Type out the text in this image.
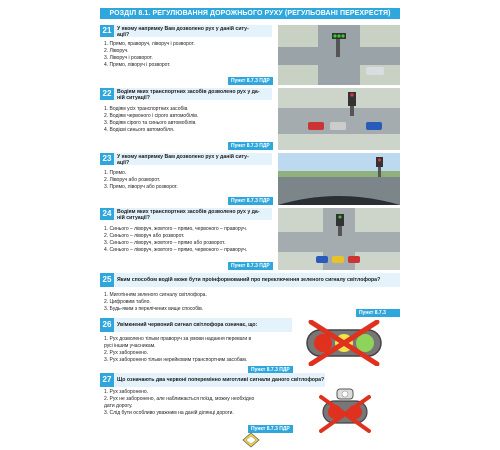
РОЗДІЛ 8.1. РЕГУЛЮВАННЯ ДОРОЖНЬОГО РУХУ (РЕГУЛЬОВАНІ ПЕРЕХРЕСТЯ)
21	У якому напрямку Вам дозволено рух у даній ситу-
ації?
1. Прямо, праворуч, ліворуч і розворот.
2. Ліворуч.
3. Ліворуч і розворот.
4. Прямо, ліворуч і розворот.
Пункт 8.7.3 ПДР
22	Водіям яких транспортних засобів дозволено рух у да-
ній ситуації?
1. Водіям усіх транспортних засобів.
2. Водіям червоного і сірого автомобілів.
3. Водіям сірого та синього автомобілів.
4. Водієві синього автомобіля.
Пункт 8.7.3 ПДР
23	У якому напрямку Вам дозволено рух у даній ситу-
ації?
1. Прямо.
2. Ліворуч або розворот.
3. Прямо, ліворуч або розворот.
Пункт 8.7.3 ПДР
24	Водіям яких транспортних засобів дозволено рух у да-
ній ситуації?
1. Синього – ліворуч, жовтого – прямо, червоного – праворуч.
2. Синього – ліворуч або розворот.
3. Синього – ліворуч, жовтого – прямо або розворот.
4. Синього – ліворуч, жовтого – прямо, червоного – праворуч.
Пункт 8.7.3 ПДР
25	Яким способом водій може бути проінформований про переключення зеленого сигналу світлофора?
1. Миготінням зеленого сигналу світлофора.
2. Цифровим табло.
3. Будь-яким з перелічених вище способів.
Пункт 8.7.3 ПДР
26	Увімкнений червоний сигнал світлофора означає, що:
1. Рух дозволено тільки праворуч за умови надання переваги в
русі іншим учасникам.
2. Рух заборонено.
3. Рух заборонено тільки нерейковим транспортним засобам.
Пункт 8.7.3 ПДР
27	Що означають два червоні поперемінно миготливі сигнали даного світлофора?
1. Рух заборонено.
2. Рух не заборонено, але наближається поїзд, можну необхідно
дати дорогу.
3. Слід бути особливо уважним на даній ділянці дороги.
Пункт 8.7.3 ПДР
